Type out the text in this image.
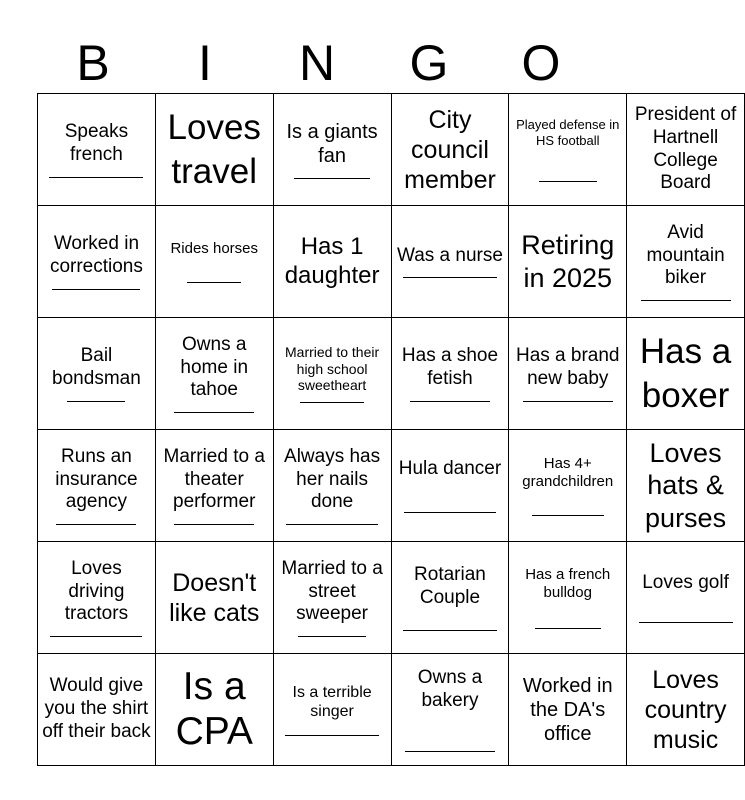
B	I	N	G	O
Speaks french	Loves travel	Is a giants fan	City council member	Played defense in HS football	President of Hartnell College Board

Worked in corrections	Rides horses	Has 1 daughter	Was a nurse	Retiring in 2025	Avid mountain biker

Bail bondsman	Owns a home in tahoe	Married to their high school sweetheart	Has a shoe fetish	Has a brand new baby	Has a boxer

Runs an insurance agency	Married to a theater performer	Always has her nails done	Hula dancer	Has 4+ grandchildren	Loves hats & purses

Loves driving tractors	Doesn't like cats	Married to a street sweeper	Rotarian Couple	Has a french bulldog	Loves golf

Would give you the shirt off their back	Is a CPA	Is a terrible singer	Owns a bakery	Worked in the DA's office	Loves country music
